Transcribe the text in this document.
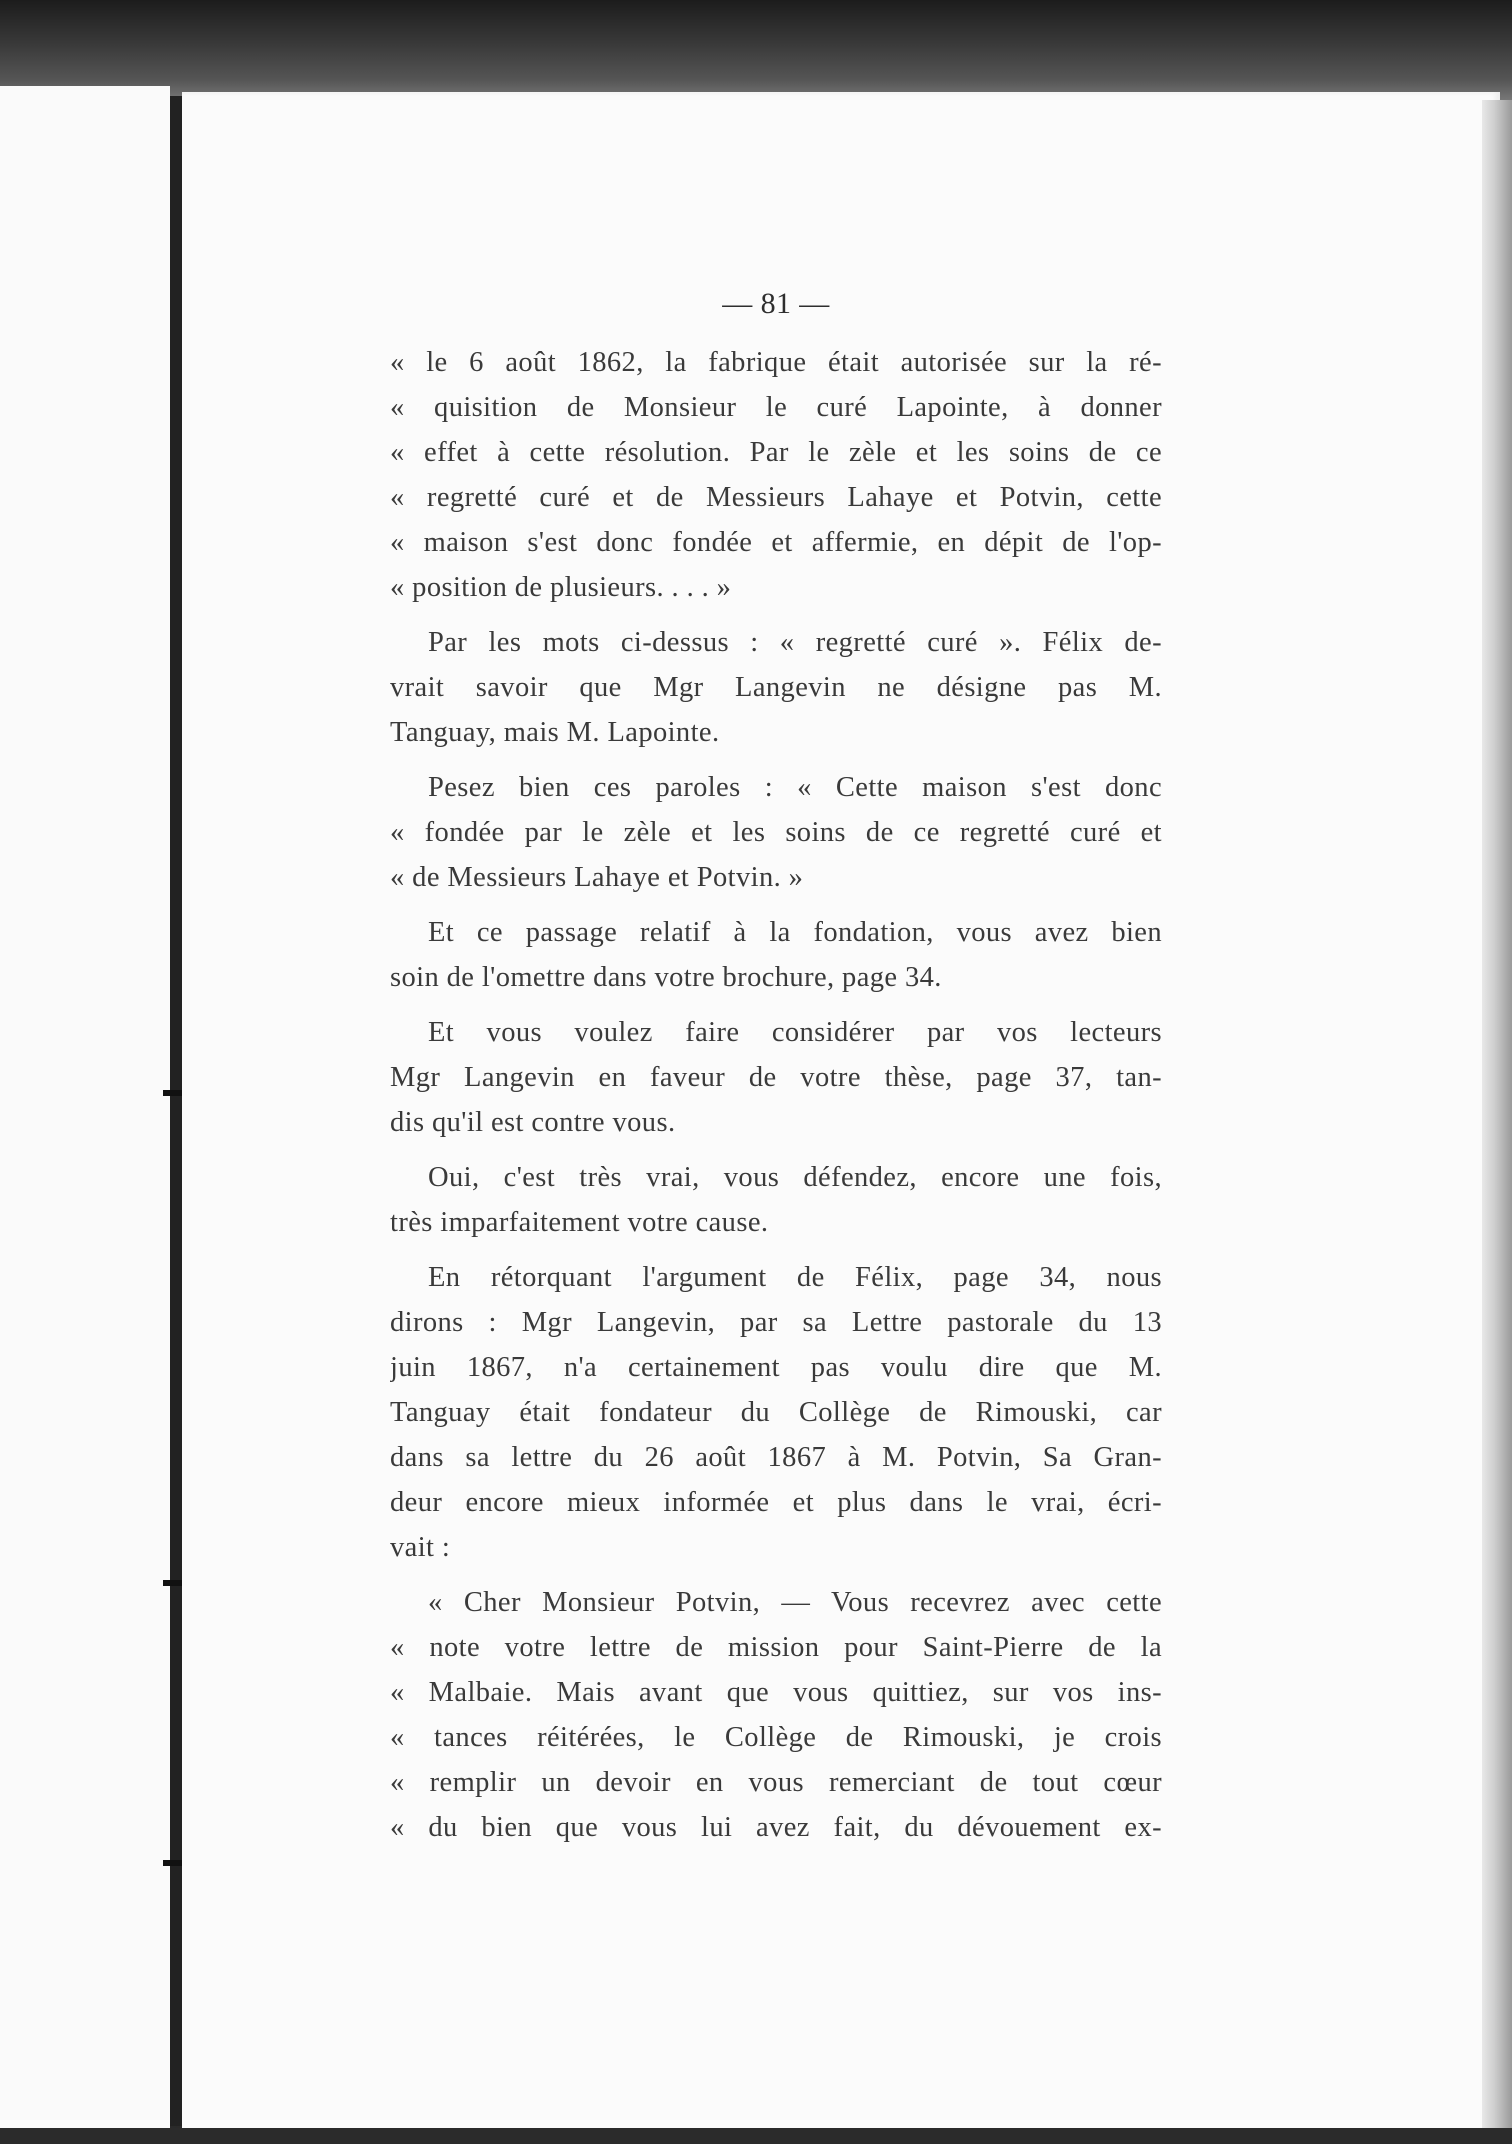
— 81 —
« le 6 août 1862, la fabrique était autorisée sur la ré-
« quisition de Monsieur le curé Lapointe, à donner
« effet à cette résolution. Par le zèle et les soins de ce
« regretté curé et de Messieurs Lahaye et Potvin, cette
« maison s'est donc fondée et affermie, en dépit de l'op-
« position de plusieurs. . . . »
Par les mots ci-dessus : « regretté curé ». Félix de-
vrait savoir que Mgr Langevin ne désigne pas M.
Tanguay, mais M. Lapointe.
Pesez bien ces paroles : « Cette maison s'est donc
« fondée par le zèle et les soins de ce regretté curé et
« de Messieurs Lahaye et Potvin. »
Et ce passage relatif à la fondation, vous avez bien
soin de l'omettre dans votre brochure, page 34.
Et vous voulez faire considérer par vos lecteurs
Mgr Langevin en faveur de votre thèse, page 37, tan-
dis qu'il est contre vous.
Oui, c'est très vrai, vous défendez, encore une fois,
très imparfaitement votre cause.
En rétorquant l'argument de Félix, page 34, nous
dirons : Mgr Langevin, par sa Lettre pastorale du 13
juin 1867, n'a certainement pas voulu dire que M.
Tanguay était fondateur du Collège de Rimouski, car
dans sa lettre du 26 août 1867 à M. Potvin, Sa Gran-
deur encore mieux informée et plus dans le vrai, écri-
vait :
« Cher Monsieur Potvin, — Vous recevrez avec cette
« note votre lettre de mission pour Saint-Pierre de la
« Malbaie. Mais avant que vous quittiez, sur vos ins-
« tances réitérées, le Collège de Rimouski, je crois
« remplir un devoir en vous remerciant de tout cœur
« du bien que vous lui avez fait, du dévouement ex-
